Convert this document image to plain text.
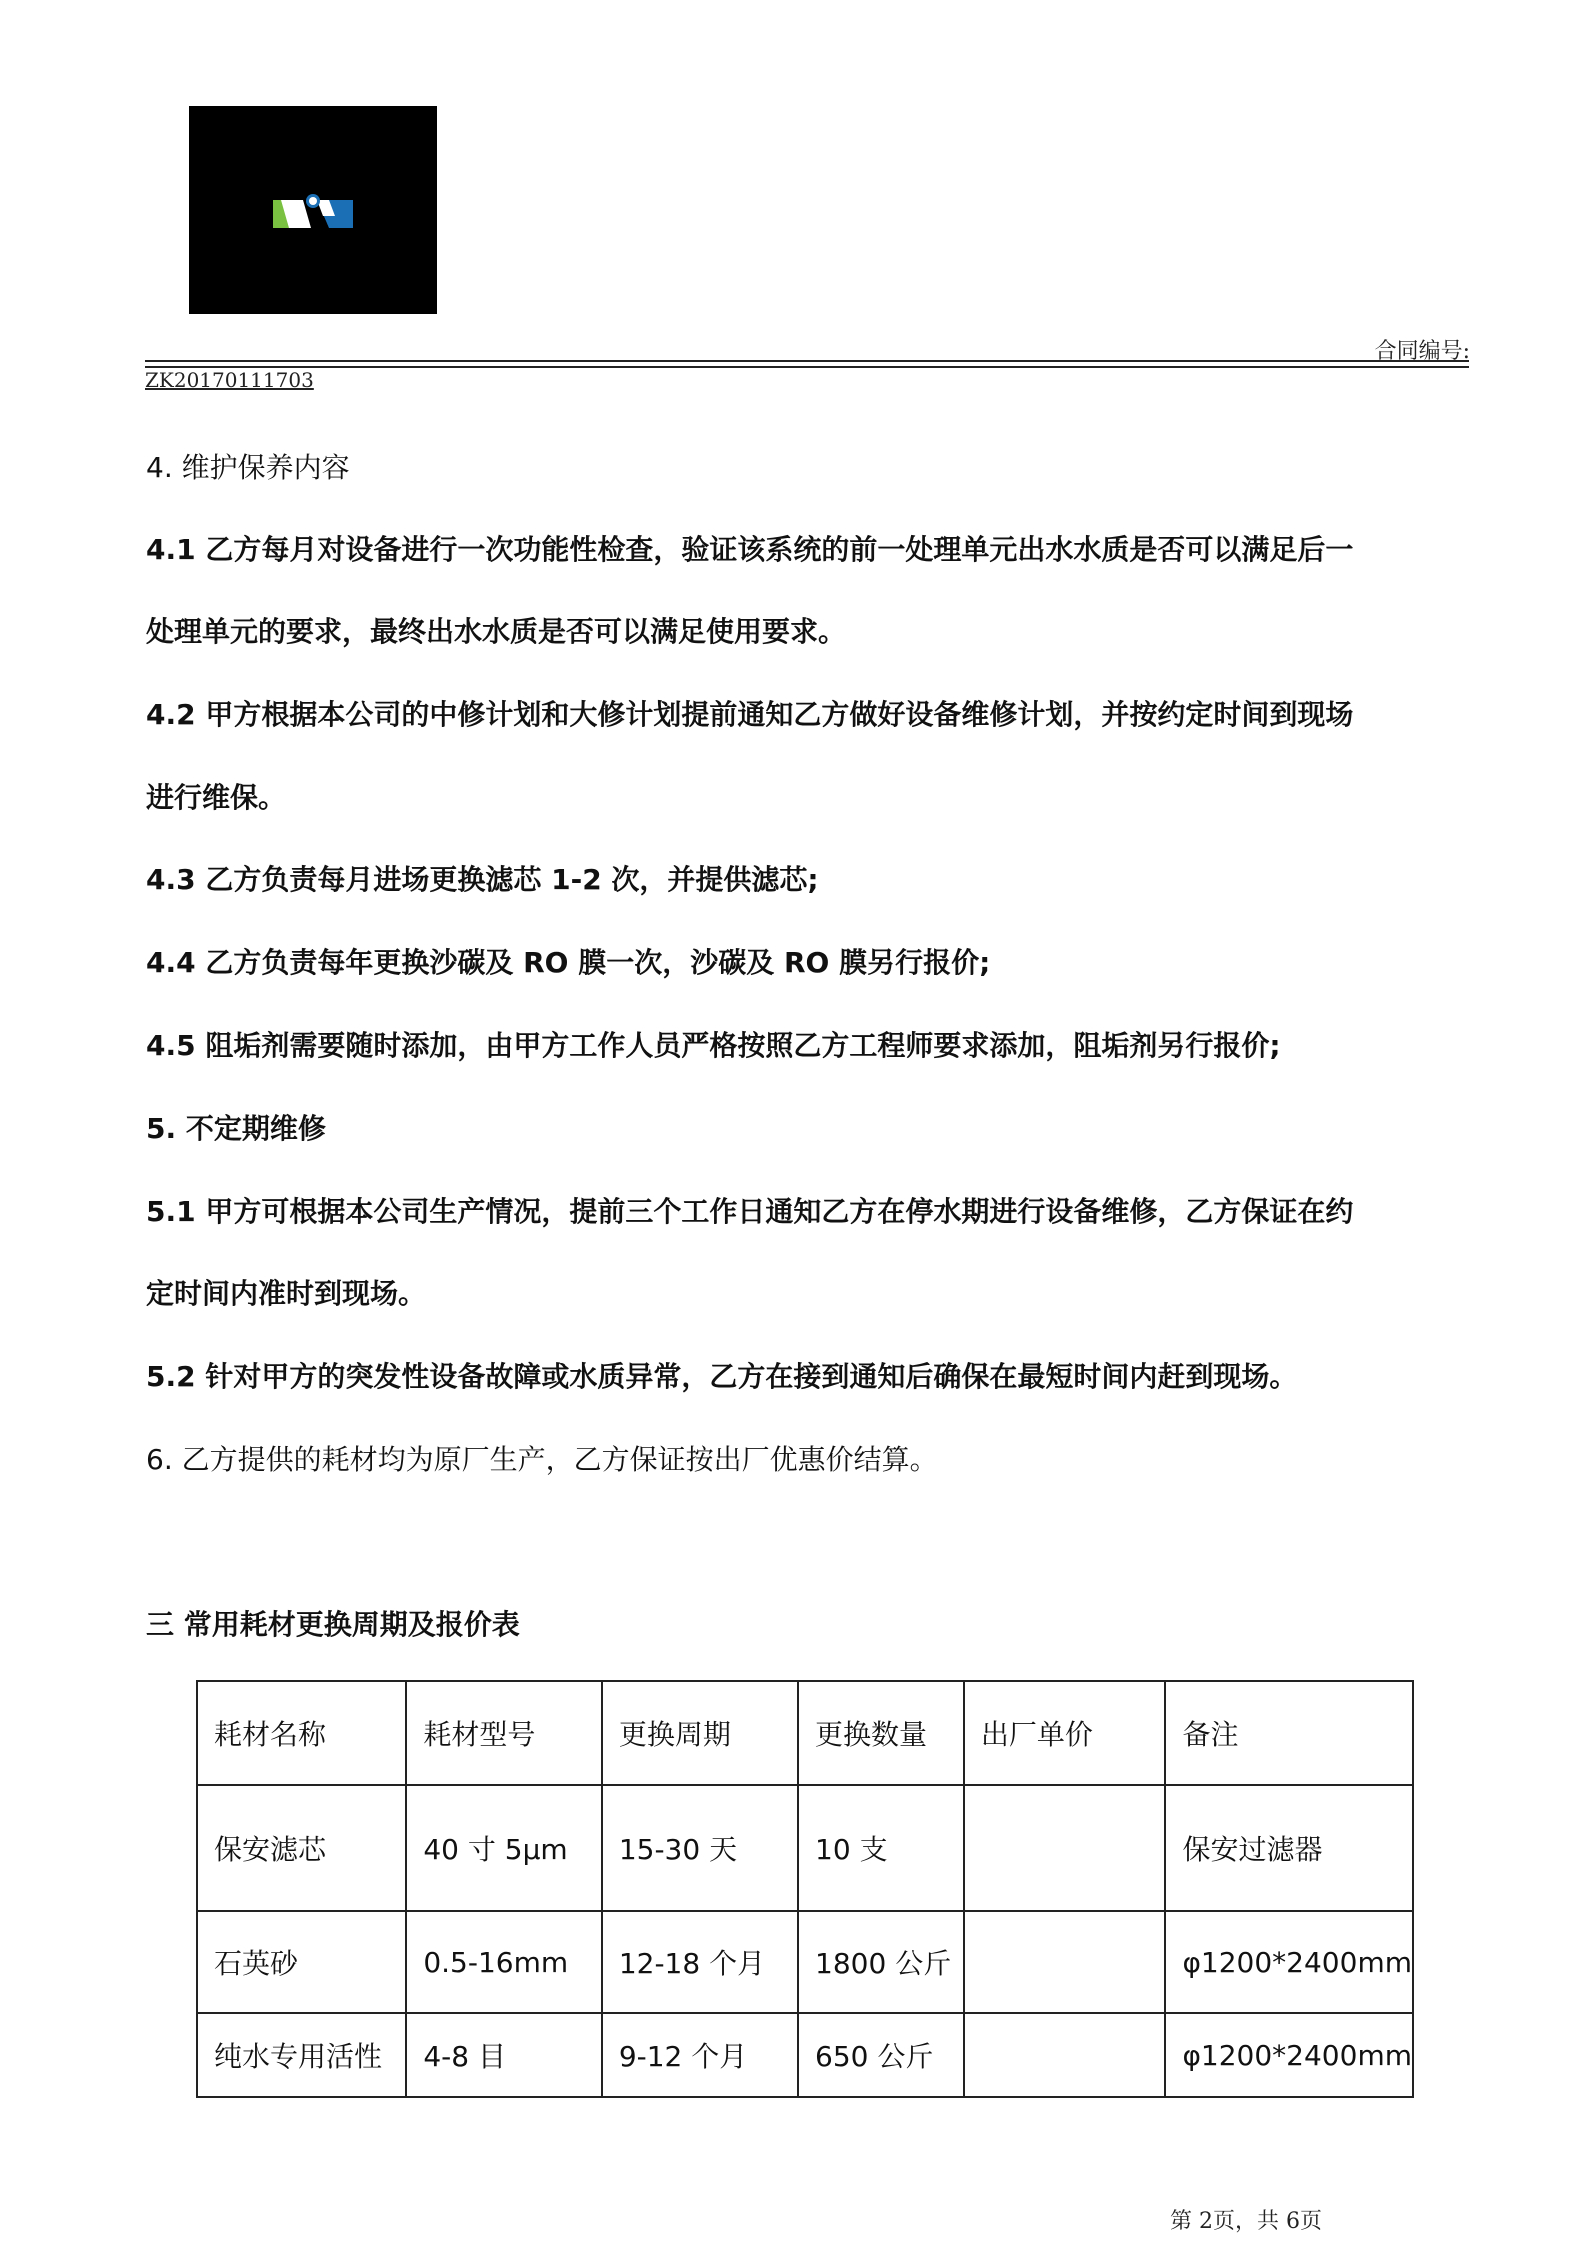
合同编号:
ZK20170111703
4. 维护保养内容
4.1 乙方每月对设备进行一次功能性检查，验证该系统的前一处理单元出水水质是否可以满足后一
处理单元的要求，最终出水水质是否可以满足使用要求。
4.2 甲方根据本公司的中修计划和大修计划提前通知乙方做好设备维修计划，并按约定时间到现场
进行维保。
4.3 乙方负责每月进场更换滤芯 1-2 次，并提供滤芯;
4.4 乙方负责每年更换沙碳及 RO 膜一次，沙碳及 RO 膜另行报价;
4.5 阻垢剂需要随时添加，由甲方工作人员严格按照乙方工程师要求添加，阻垢剂另行报价;
5. 不定期维修
5.1 甲方可根据本公司生产情况，提前三个工作日通知乙方在停水期进行设备维修，乙方保证在约
定时间内准时到现场。
5.2 针对甲方的突发性设备故障或水质异常，乙方在接到通知后确保在最短时间内赶到现场。
6. 乙方提供的耗材均为原厂生产，乙方保证按出厂优惠价结算。
三 常用耗材更换周期及报价表
耗材名称	耗材型号	更换周期	更换数量	出厂单价	备注
保安滤芯	40 寸 5μm	15-30 天	10 支		保安过滤器
石英砂	0.5-16mm	12-18 个月	1800 公斤		φ1200*2400mm
纯水专用活性	4-8 目	9-12 个月	650 公斤		φ1200*2400mm
第 2页，共 6页
